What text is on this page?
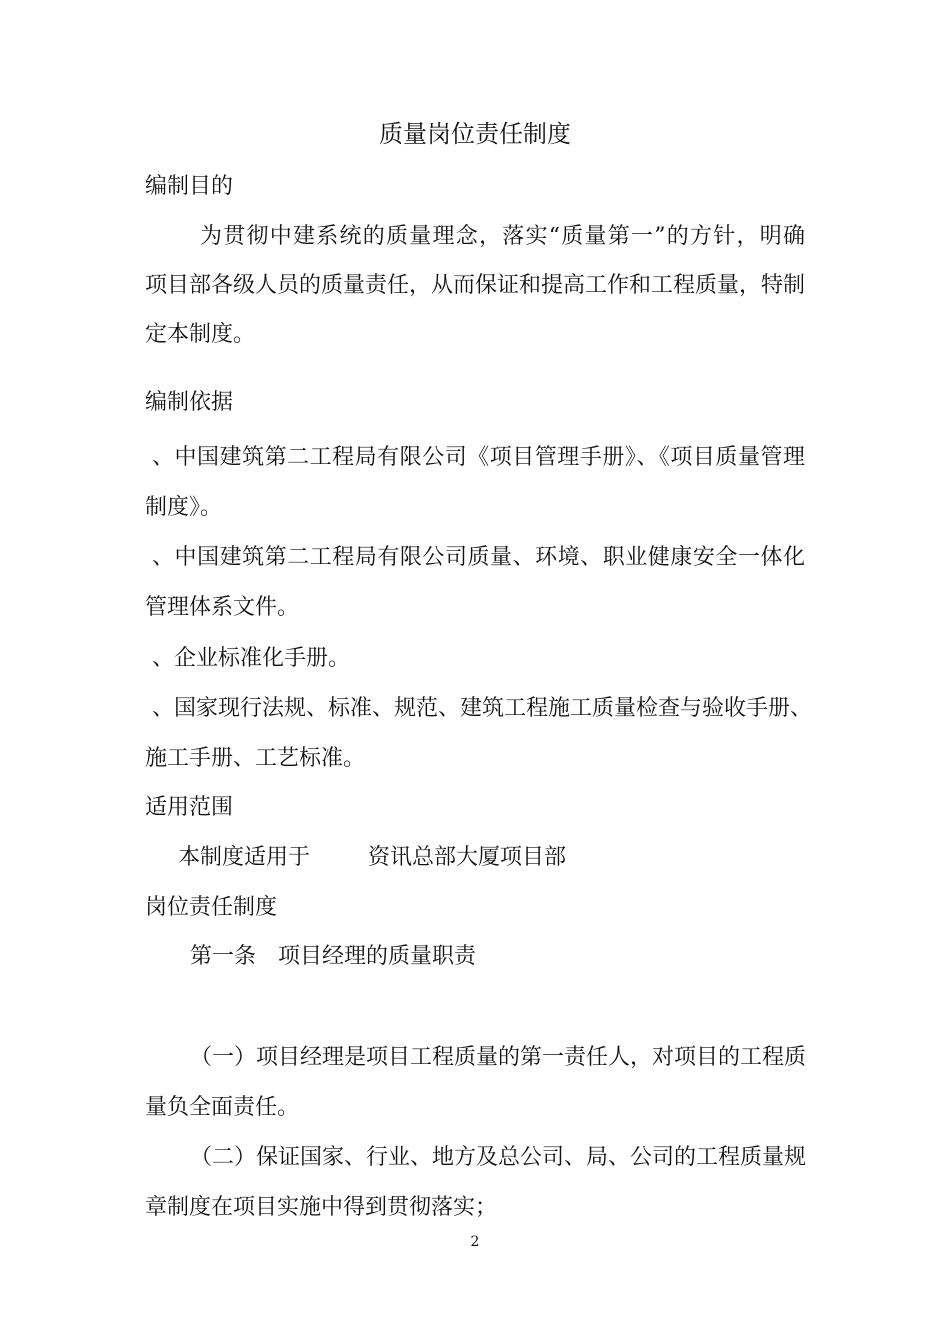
质量岗位责任制度
编制目的
为贯彻中建系统的质量理念，落实“质量第一”的方针，明确
项目部各级人员的质量责任，从而保证和提高工作和工程质量，特制
定本制度。
编制依据
、中国建筑第二工程局有限公司《项目管理手册》、《项目质量管理
制度》。
、中国建筑第二工程局有限公司质量、环境、职业健康安全一体化
管理体系文件。
、企业标准化手册。
、国家现行法规、标准、规范、建筑工程施工质量检查与验收手册、
施工手册、工艺标准。
适用范围
本制度适用于	资讯总部大厦项目部
岗位责任制度
第一条 项目经理的质量职责
（一）项目经理是项目工程质量的第一责任人，对项目的工程质
量负全面责任。
（二）保证国家、行业、地方及总公司、局、公司的工程质量规
章制度在项目实施中得到贯彻落实；
2
